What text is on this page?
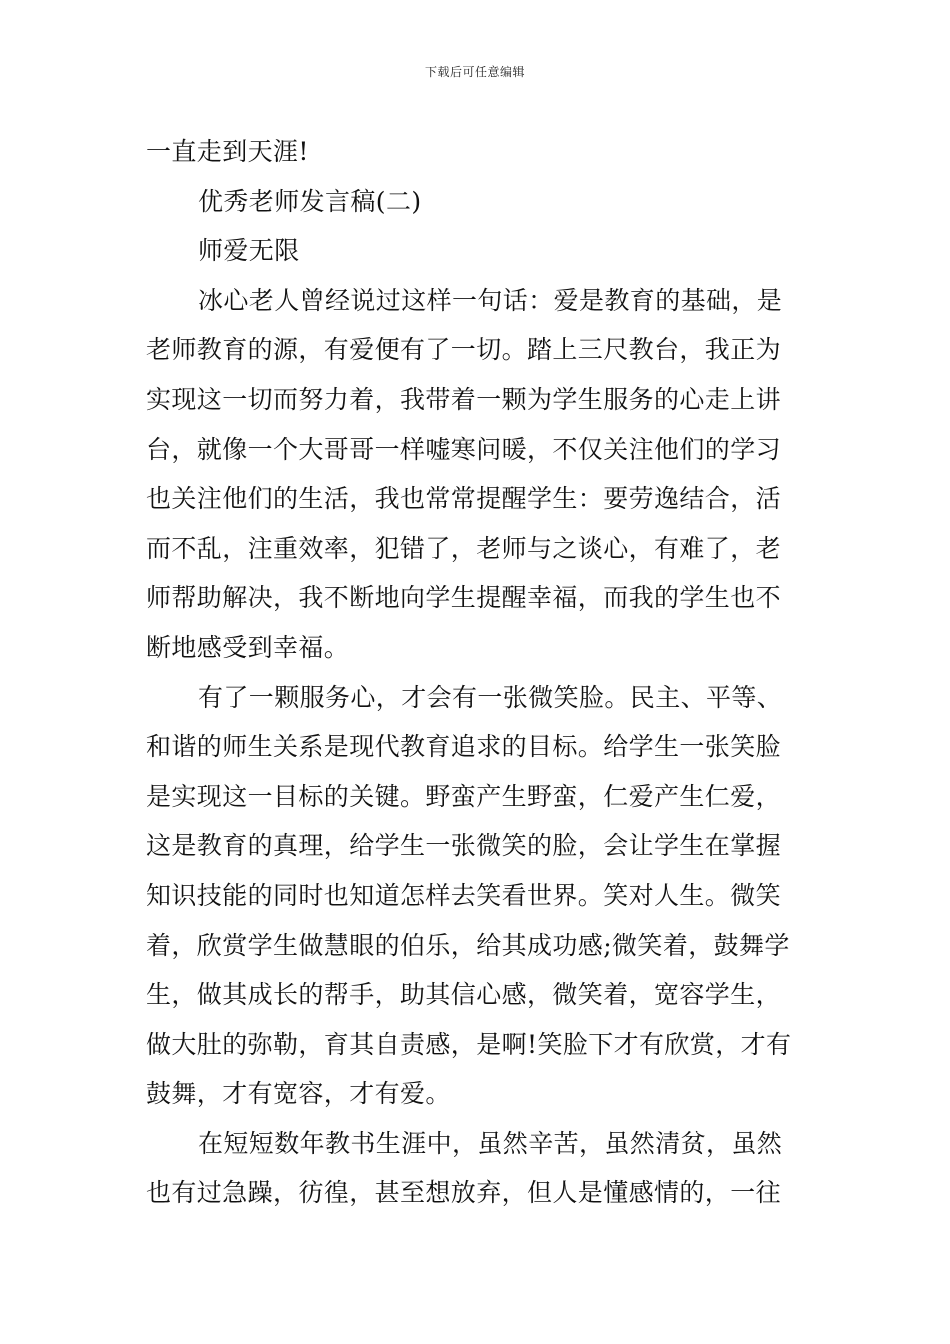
下载后可任意编辑
一直走到天涯!
优秀老师发言稿(二)
师爱无限
冰心老人曾经说过这样一句话：爱是教育的基础，是
老师教育的源，有爱便有了一切。踏上三尺教台，我正为
实现这一切而努力着，我带着一颗为学生服务的心走上讲
台，就像一个大哥哥一样嘘寒问暖，不仅关注他们的学习
也关注他们的生活，我也常常提醒学生：要劳逸结合，活
而不乱，注重效率，犯错了，老师与之谈心，有难了，老
师帮助解决，我不断地向学生提醒幸福，而我的学生也不
断地感受到幸福。
有了一颗服务心，才会有一张微笑脸。民主、平等、
和谐的师生关系是现代教育追求的目标。给学生一张笑脸
是实现这一目标的关键。野蛮产生野蛮，仁爱产生仁爱，
这是教育的真理，给学生一张微笑的脸，会让学生在掌握
知识技能的同时也知道怎样去笑看世界。笑对人生。微笑
着，欣赏学生做慧眼的伯乐，给其成功感;微笑着，鼓舞学
生，做其成长的帮手，助其信心感，微笑着，宽容学生，
做大肚的弥勒，育其自责感，是啊!笑脸下才有欣赏，才有
鼓舞，才有宽容，才有爱。
在短短数年教书生涯中，虽然辛苦，虽然清贫，虽然
也有过急躁，彷徨，甚至想放弃，但人是懂感情的，一往
